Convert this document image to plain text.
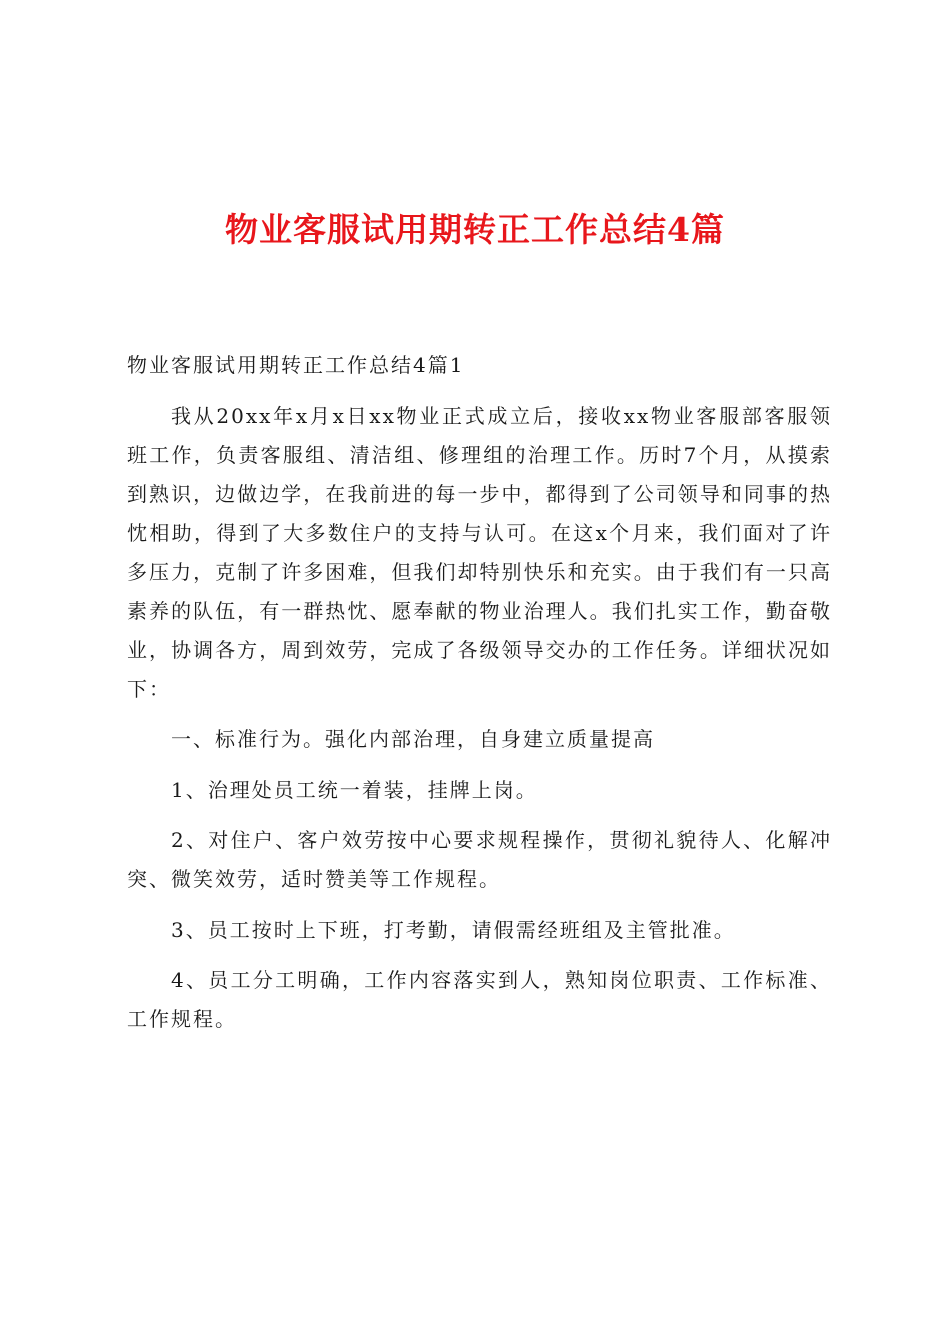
物业客服试用期转正工作总结4篇

物业客服试用期转正工作总结4篇1

我从20xx年x月x日xx物业正式成立后，接收xx物业客服部客服领班工作，负责客服组、清洁组、修理组的治理工作。历时7个月，从摸索到熟识，边做边学，在我前进的每一步中，都得到了公司领导和同事的热忱相助，得到了大多数住户的支持与认可。在这x个月来，我们面对了许多压力，克制了许多困难，但我们却特别快乐和充实。由于我们有一只高素养的队伍，有一群热忱、愿奉献的物业治理人。我们扎实工作，勤奋敬业，协调各方，周到效劳，完成了各级领导交办的工作任务。详细状况如下：

一、标准行为。强化内部治理，自身建立质量提高

1、治理处员工统一着装，挂牌上岗。

2、对住户、客户效劳按中心要求规程操作，贯彻礼貌待人、化解冲突、微笑效劳，适时赞美等工作规程。

3、员工按时上下班，打考勤，请假需经班组及主管批准。

4、员工分工明确，工作内容落实到人，熟知岗位职责、工作标准、工作规程。
